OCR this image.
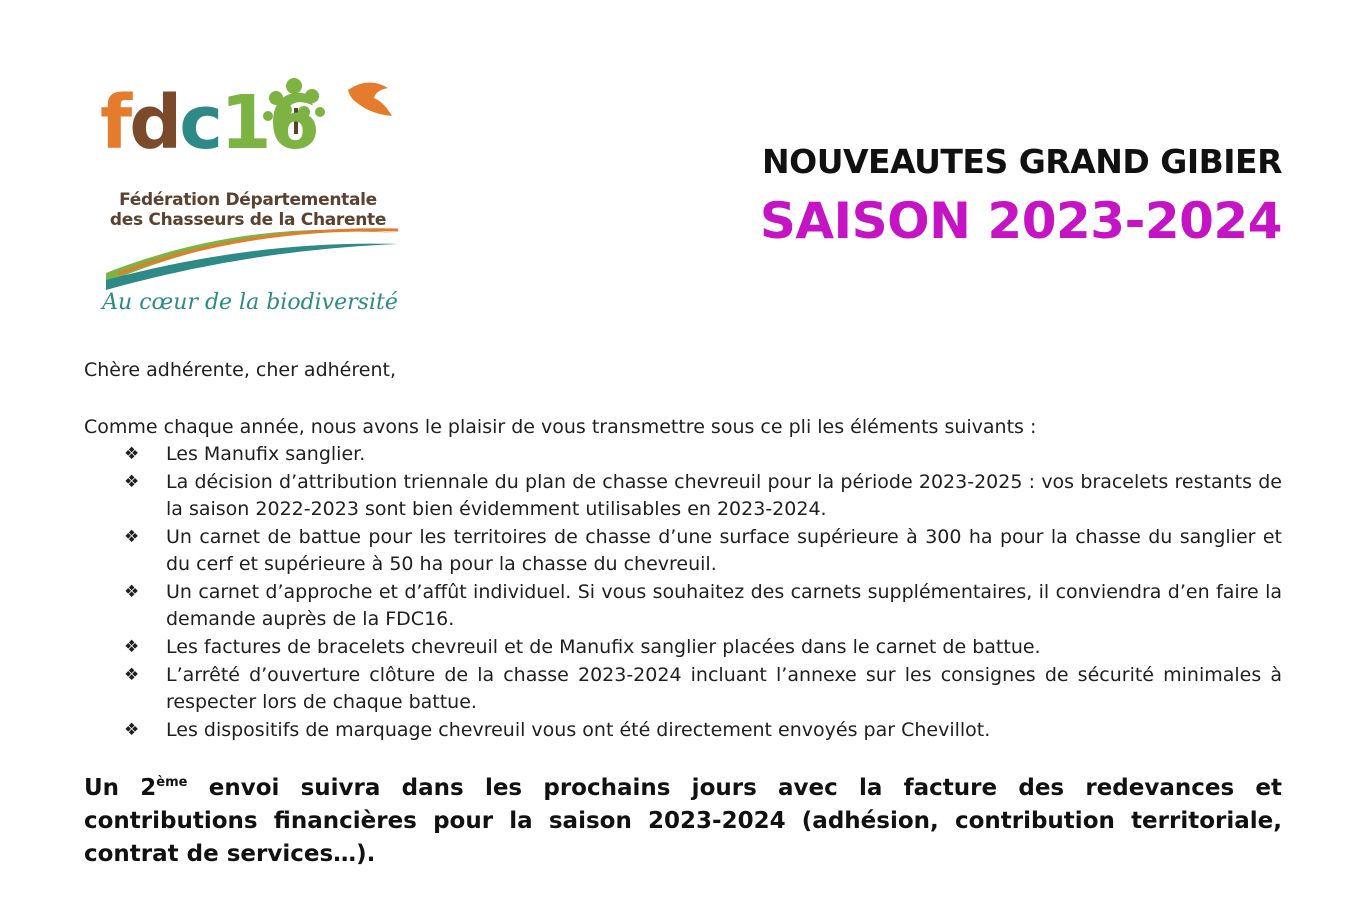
fdc16
Fédération Départementale
des Chasseurs de la Charente
Au cœur de la biodiversité
NOUVEAUTES GRAND GIBIER
SAISON 2023-2024

Chère adhérente, cher adhérent,

Comme chaque année, nous avons le plaisir de vous transmettre sous ce pli les éléments suivants :

❖ Les Manufix sanglier.
❖ La décision d’attribution triennale du plan de chasse chevreuil pour la période 2023-2025 : vos bracelets restants de la saison 2022-2023 sont bien évidemment utilisables en 2023-2024.
❖ Un carnet de battue pour les territoires de chasse d’une surface supérieure à 300 ha pour la chasse du sanglier et du cerf et supérieure à 50 ha pour la chasse du chevreuil.
❖ Un carnet d’approche et d’affût individuel. Si vous souhaitez des carnets supplémentaires, il conviendra d’en faire la demande auprès de la FDC16.
❖ Les factures de bracelets chevreuil et de Manufix sanglier placées dans le carnet de battue.
❖ L’arrêté d’ouverture clôture de la chasse 2023-2024 incluant l’annexe sur les consignes de sécurité minimales à respecter lors de chaque battue.
❖ Les dispositifs de marquage chevreuil vous ont été directement envoyés par Chevillot.
Un 2ème envoi suivra dans les prochains jours avec la facture des redevances et contributions financières pour la saison 2023-2024 (adhésion, contribution territoriale, contrat de services…).
